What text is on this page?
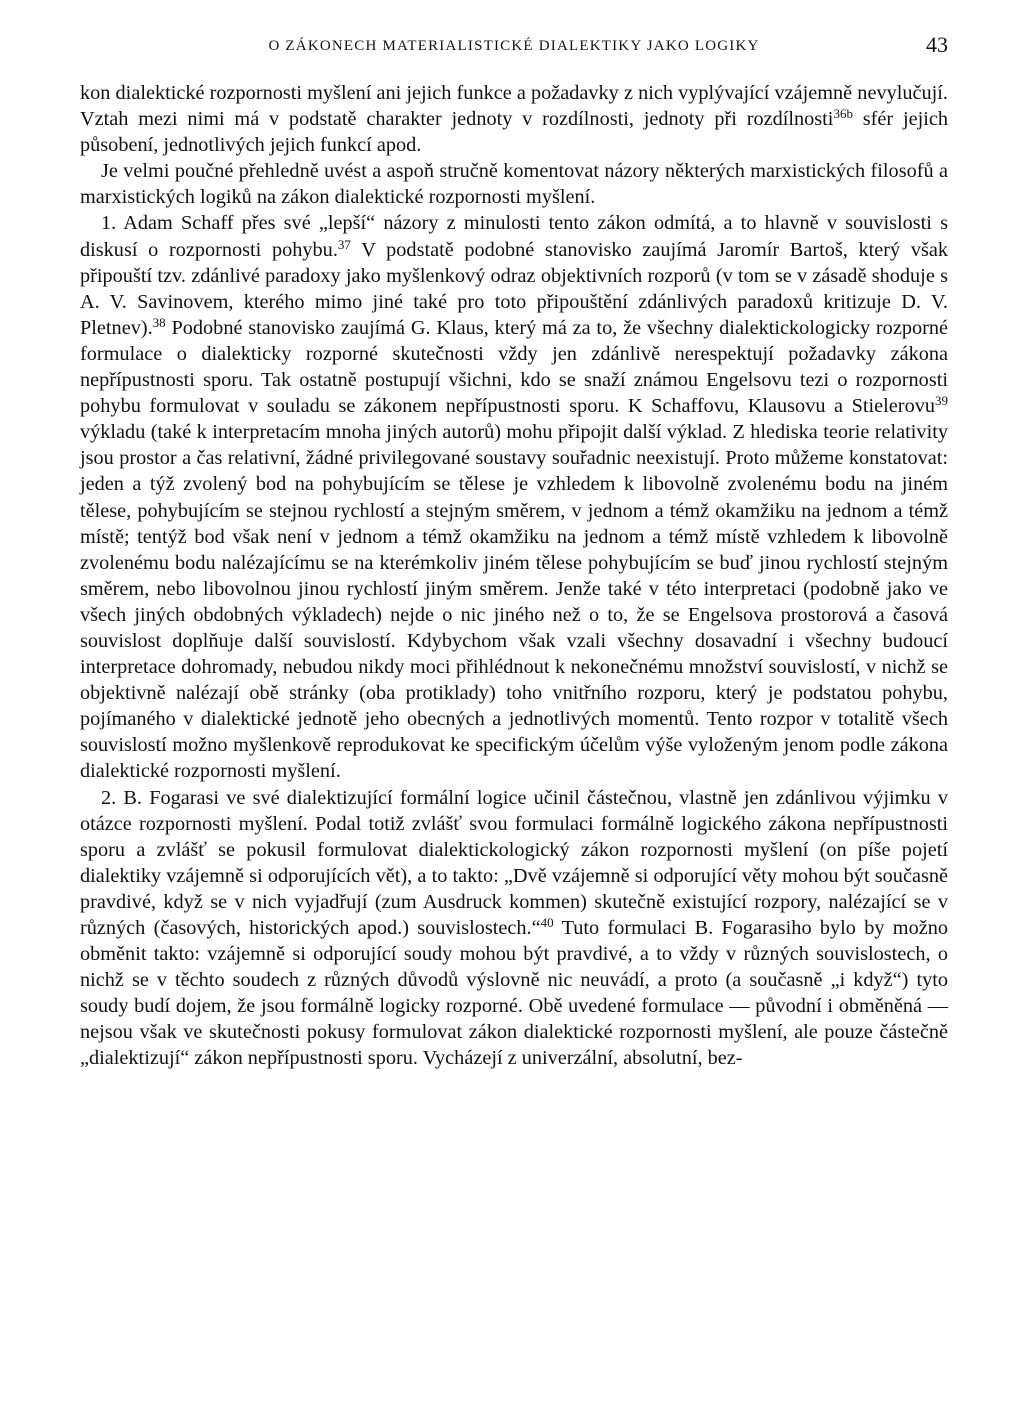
O ZÁKONECH MATERIALISTICKÉ DIALEKTIKY JAKO LOGIKY	43

kon dialektické rozpornosti myšlení ani jejich funkce a požadavky z nich vyplývající vzájemně nevylučují. Vztah mezi nimi má v podstatě charakter jednoty v rozdílnosti, jednoty při rozdílnosti$^{36b}$ sfér jejich působení, jednotlivých jejich funkcí apod.

Je velmi poučné přehledně uvést a aspoň stručně komentovat názory některých marxistických filosofů a marxistických logiků na zákon dialektické rozpornosti myšlení.

1. Adam Schaff přes své „lepší“ názory z minulosti tento zákon odmítá, a to hlavně v souvislosti s diskusí o rozpornosti pohybu.$^{37}$ V podstatě podobné stanovisko zaujímá Jaromír Bartoš, který však připouští tzv. zdánlivé paradoxy jako myšlenkový odraz objektivních rozporů (v tom se v zásadě shoduje s A. V. Savinovem, kterého mimo jiné také pro toto připouštění zdánlivých paradoxů kritizuje D. V. Pletnev).$^{38}$ Podobné stanovisko zaujímá G. Klaus, který má za to, že všechny dialektickologicky rozporné formulace o dialekticky rozporné skutečnosti vždy jen zdánlivě nerespektují požadavky zákona nepřípustnosti sporu. Tak ostatně postupují všichni, kdo se snaží známou Engelsovu tezi o rozpornosti pohybu formulovat v souladu se zákonem nepřípustnosti sporu. K Schaffovu, Klausovu a Stielerovu$^{39}$ výkladu (také k interpretacím mnoha jiných autorů) mohu připojit další výklad. Z hlediska teorie relativity jsou prostor a čas relativní, žádné privilegované soustavy souřadnic neexistují. Proto můžeme konstatovat: jeden a týž zvolený bod na pohybujícím se tělese je vzhledem k libovolně zvolenému bodu na jiném tělese, pohybujícím se stejnou rychlostí a stejným směrem, v jednom a témž okamžiku na jednom a témž místě; tentýž bod však není v jednom a témž okamžiku na jednom a témž místě vzhledem k libovolně zvolenému bodu nalézajícímu se na kterémkoliv jiném tělese pohybujícím se buď jinou rychlostí stejným směrem, nebo libovolnou jinou rychlostí jiným směrem. Jenže také v této interpretaci (podobně jako ve všech jiných obdobných výkladech) nejde o nic jiného než o to, že se Engelsova prostorová a časová souvislost doplňuje další souvislostí. Kdybychom však vzali všechny dosavadní i všechny budoucí interpretace dohromady, nebudou nikdy moci přihlédnout k nekonečnému množství souvislostí, v nichž se objektivně nalézají obě stránky (oba protiklady) toho vnitřního rozporu, který je podstatou pohybu, pojímaného v dialektické jednotě jeho obecných a jednotlivých momentů. Tento rozpor v totalitě všech souvislostí možno myšlenkově reprodukovat ke specifickým účelům výše vyloženým jenom podle zákona dialektické rozpornosti myšlení.

2. B. Fogarasi ve své dialektizující formální logice učinil částečnou, vlastně jen zdánlivou výjimku v otázce rozpornosti myšlení. Podal totiž zvlášť svou formulaci formálně logického zákona nepřípustnosti sporu a zvlášť se pokusil formulovat dialektickologický zákon rozpornosti myšlení (on píše pojetí dialektiky vzájemně si odporujících vět), a to takto: „Dvě vzájemně si odporující věty mohou být současně pravdivé, když se v nich vyjadřují (zum Ausdruck kommen) skutečně existující rozpory, nalézající se v různých (časových, historických apod.) souvislostech.“$^{40}$ Tuto formulaci B. Fogarasiho bylo by možno obměnit takto: vzájemně si odporující soudy mohou být pravdivé, a to vždy v různých souvislostech, o nichž se v těchto soudech z různých důvodů výslovně nic neuvádí, a proto (a současně „i když“) tyto soudy budí dojem, že jsou formálně logicky rozporné. Obě uvedené formulace — původní i obměněná — nejsou však ve skutečnosti pokusy formulovat zákon dialektické rozpornosti myšlení, ale pouze částečně „dialektizují“ zákon nepřípustnosti sporu. Vycházejí z univerzální, absolutní, bez-
